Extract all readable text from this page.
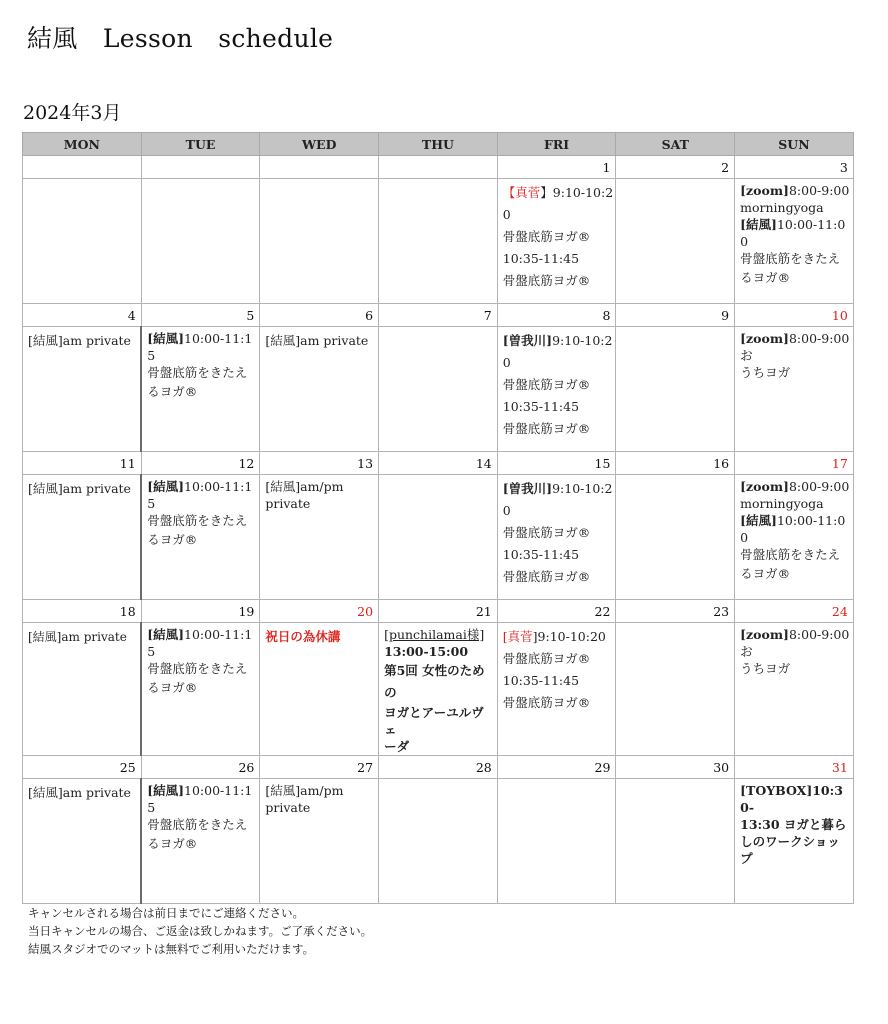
結風　Lesson　schedule
2024年3月
MON	TUE	WED	THU	FRI	SAT	SUN
				1	2	3

				【真菅】9:10-10:20
骨盤底筋ヨガ®
10:35-11:45
骨盤底筋ヨガ®		[zoom]8:00-9:00
morningyoga
[結風]10:00-11:00
骨盤底筋をきたえ
るヨガ®

4	5	6	7	8	9	10

[結風]am private	[結風]10:00-11:15
骨盤底筋をきたえ
るヨガ®	[結風]am private		[曽我川]9:10-10:20
骨盤底筋ヨガ®
10:35-11:45
骨盤底筋ヨガ®		[zoom]8:00-9:00お
うちヨガ

11	12	13	14	15	16	17

[結風]am private	[結風]10:00-11:15
骨盤底筋をきたえ
るヨガ®	[結風]am/pm
private		[曽我川]9:10-10:20
骨盤底筋ヨガ®
10:35-11:45
骨盤底筋ヨガ®		[zoom]8:00-9:00
morningyoga
[結風]10:00-11:00
骨盤底筋をきたえ
るヨガ®

18	19	20	21	22	23	24

[結風]am private	[結風]10:00-11:15
骨盤底筋をきたえ
るヨガ®	祝日の為休講	[punchilamai様]
13:00-15:00
第5回 女性のための
ヨガとアーユルヴェ
ーダ	[真菅]9:10-10:20
骨盤底筋ヨガ®
10:35-11:45
骨盤底筋ヨガ®		[zoom]8:00-9:00お
うちヨガ

25	26	27	28	29	30	31

[結風]am private	[結風]10:00-11:15
骨盤底筋をきたえ
るヨガ®	[結風]am/pm
private				[TOYBOX]10:30-
13:30 ヨガと暮ら
しのワークショッ
プ
キャンセルされる場合は前日までにご連絡ください。
当日キャンセルの場合、ご返金は致しかねます。ご了承ください。
結風スタジオでのマットは無料でご利用いただけます。
